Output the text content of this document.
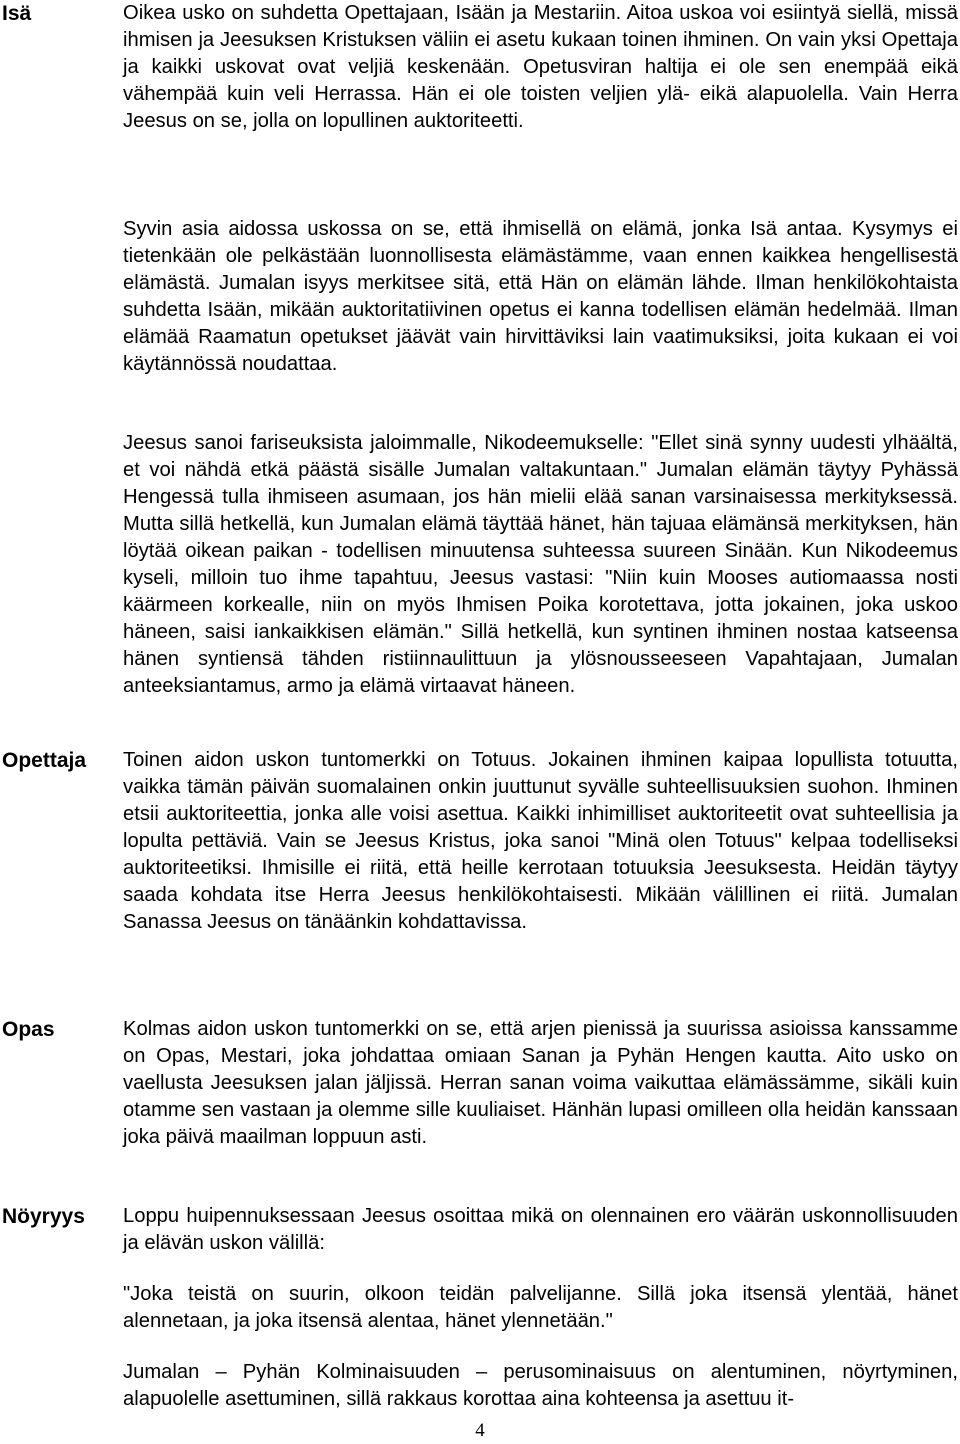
Isä	Oikea usko on suhdetta Opettajaan, Isään ja Mestariin. Aitoa uskoa voi esiintyä siellä, missä ihmisen ja Jeesuksen Kristuksen väliin ei asetu kukaan toinen ihminen. On vain yksi Opettaja ja kaikki uskovat ovat veljiä keskenään. Opetusviran haltija ei ole sen enempää eikä vähempää kuin veli Herrassa. Hän ei ole toisten veljien ylä- eikä alapuolella. Vain Herra Jeesus on se, jolla on lopullinen auktoriteetti.

Syvin asia aidossa uskossa on se, että ihmisellä on elämä, jonka Isä antaa. Kysymys ei tietenkään ole pelkästään luonnollisesta elämästämme, vaan ennen kaikkea hengellisestä elämästä. Jumalan isyys merkitsee sitä, että Hän on elämän lähde. Ilman henkilökohtaista suhdetta Isään, mikään auktoritatiivinen opetus ei kanna todellisen elämän hedelmää. Ilman elämää Raamatun opetukset jäävät vain hirvittäviksi lain vaatimuksiksi, joita kukaan ei voi käytännössä noudattaa.

Jeesus sanoi fariseuksista jaloimmalle, Nikodeemukselle: "Ellet sinä synny uudesti ylhäältä, et voi nähdä etkä päästä sisälle Jumalan valtakuntaan." Jumalan elämän täytyy Pyhässä Hengessä tulla ihmiseen asumaan, jos hän mielii elää sanan varsinaisessa merkityksessä. Mutta sillä hetkellä, kun Jumalan elämä täyttää hänet, hän tajuaa elämänsä merkityksen, hän löytää oikean paikan - todellisen minuutensa suhteessa suureen Sinään. Kun Nikodeemus kyseli, milloin tuo ihme tapahtuu, Jeesus vastasi: "Niin kuin Mooses autiomaassa nosti käärmeen korkealle, niin on myös Ihmisen Poika korotettava, jotta jokainen, joka uskoo häneen, saisi iankaikkisen elämän." Sillä hetkellä, kun syntinen ihminen nostaa katseensa hänen syntiensä tähden ristiinnaulittuun ja ylösnousseeseen Vapahtajaan, Jumalan anteeksiantamus, armo ja elämä virtaavat häneen.

Opettaja Toinen aidon uskon tuntomerkki on Totuus. Jokainen ihminen kaipaa lopullista totuutta, vaikka tämän päivän suomalainen onkin juuttunut syvälle suhteellisuuksien suohon. Ihminen etsii auktoriteettia, jonka alle voisi asettua. Kaikki inhimilliset auktoriteetit ovat suhteellisia ja lopulta pettäviä. Vain se Jeesus Kristus, joka sanoi "Minä olen Totuus" kelpaa todelliseksi auktoriteetiksi. Ihmisille ei riitä, että heille kerrotaan totuuksia Jeesuksesta. Heidän täytyy saada kohdata itse Herra Jeesus henkilökohtaisesti. Mikään välillinen ei riitä. Jumalan Sanassa Jeesus on tänäänkin kohdattavissa.

Opas	Kolmas aidon uskon tuntomerkki on se, että arjen pienissä ja suurissa asioissa kanssamme on Opas, Mestari, joka johdattaa omiaan Sanan ja Pyhän Hengen kautta. Aito usko on vaellusta Jeesuksen jalan jäljissä. Herran sanan voima vaikuttaa elämässämme, sikäli kuin otamme sen vastaan ja olemme sille kuuliaiset. Hänhän lupasi omilleen olla heidän kanssaan joka päivä maailman loppuun asti.

Nöyryys Loppu huipennuksessaan Jeesus osoittaa mikä on olennainen ero väärän uskonnollisuuden ja elävän uskon välillä:

"Joka teistä on suurin, olkoon teidän palvelijanne. Sillä joka itsensä ylentää, hänet alennetaan, ja joka itsensä alentaa, hänet ylennetään."

Jumalan – Pyhän Kolminaisuuden – perusominaisuus on alentuminen, nöyrtyminen, alapuolelle asettuminen, sillä rakkaus korottaa aina kohteensa ja asettuu it-

4
